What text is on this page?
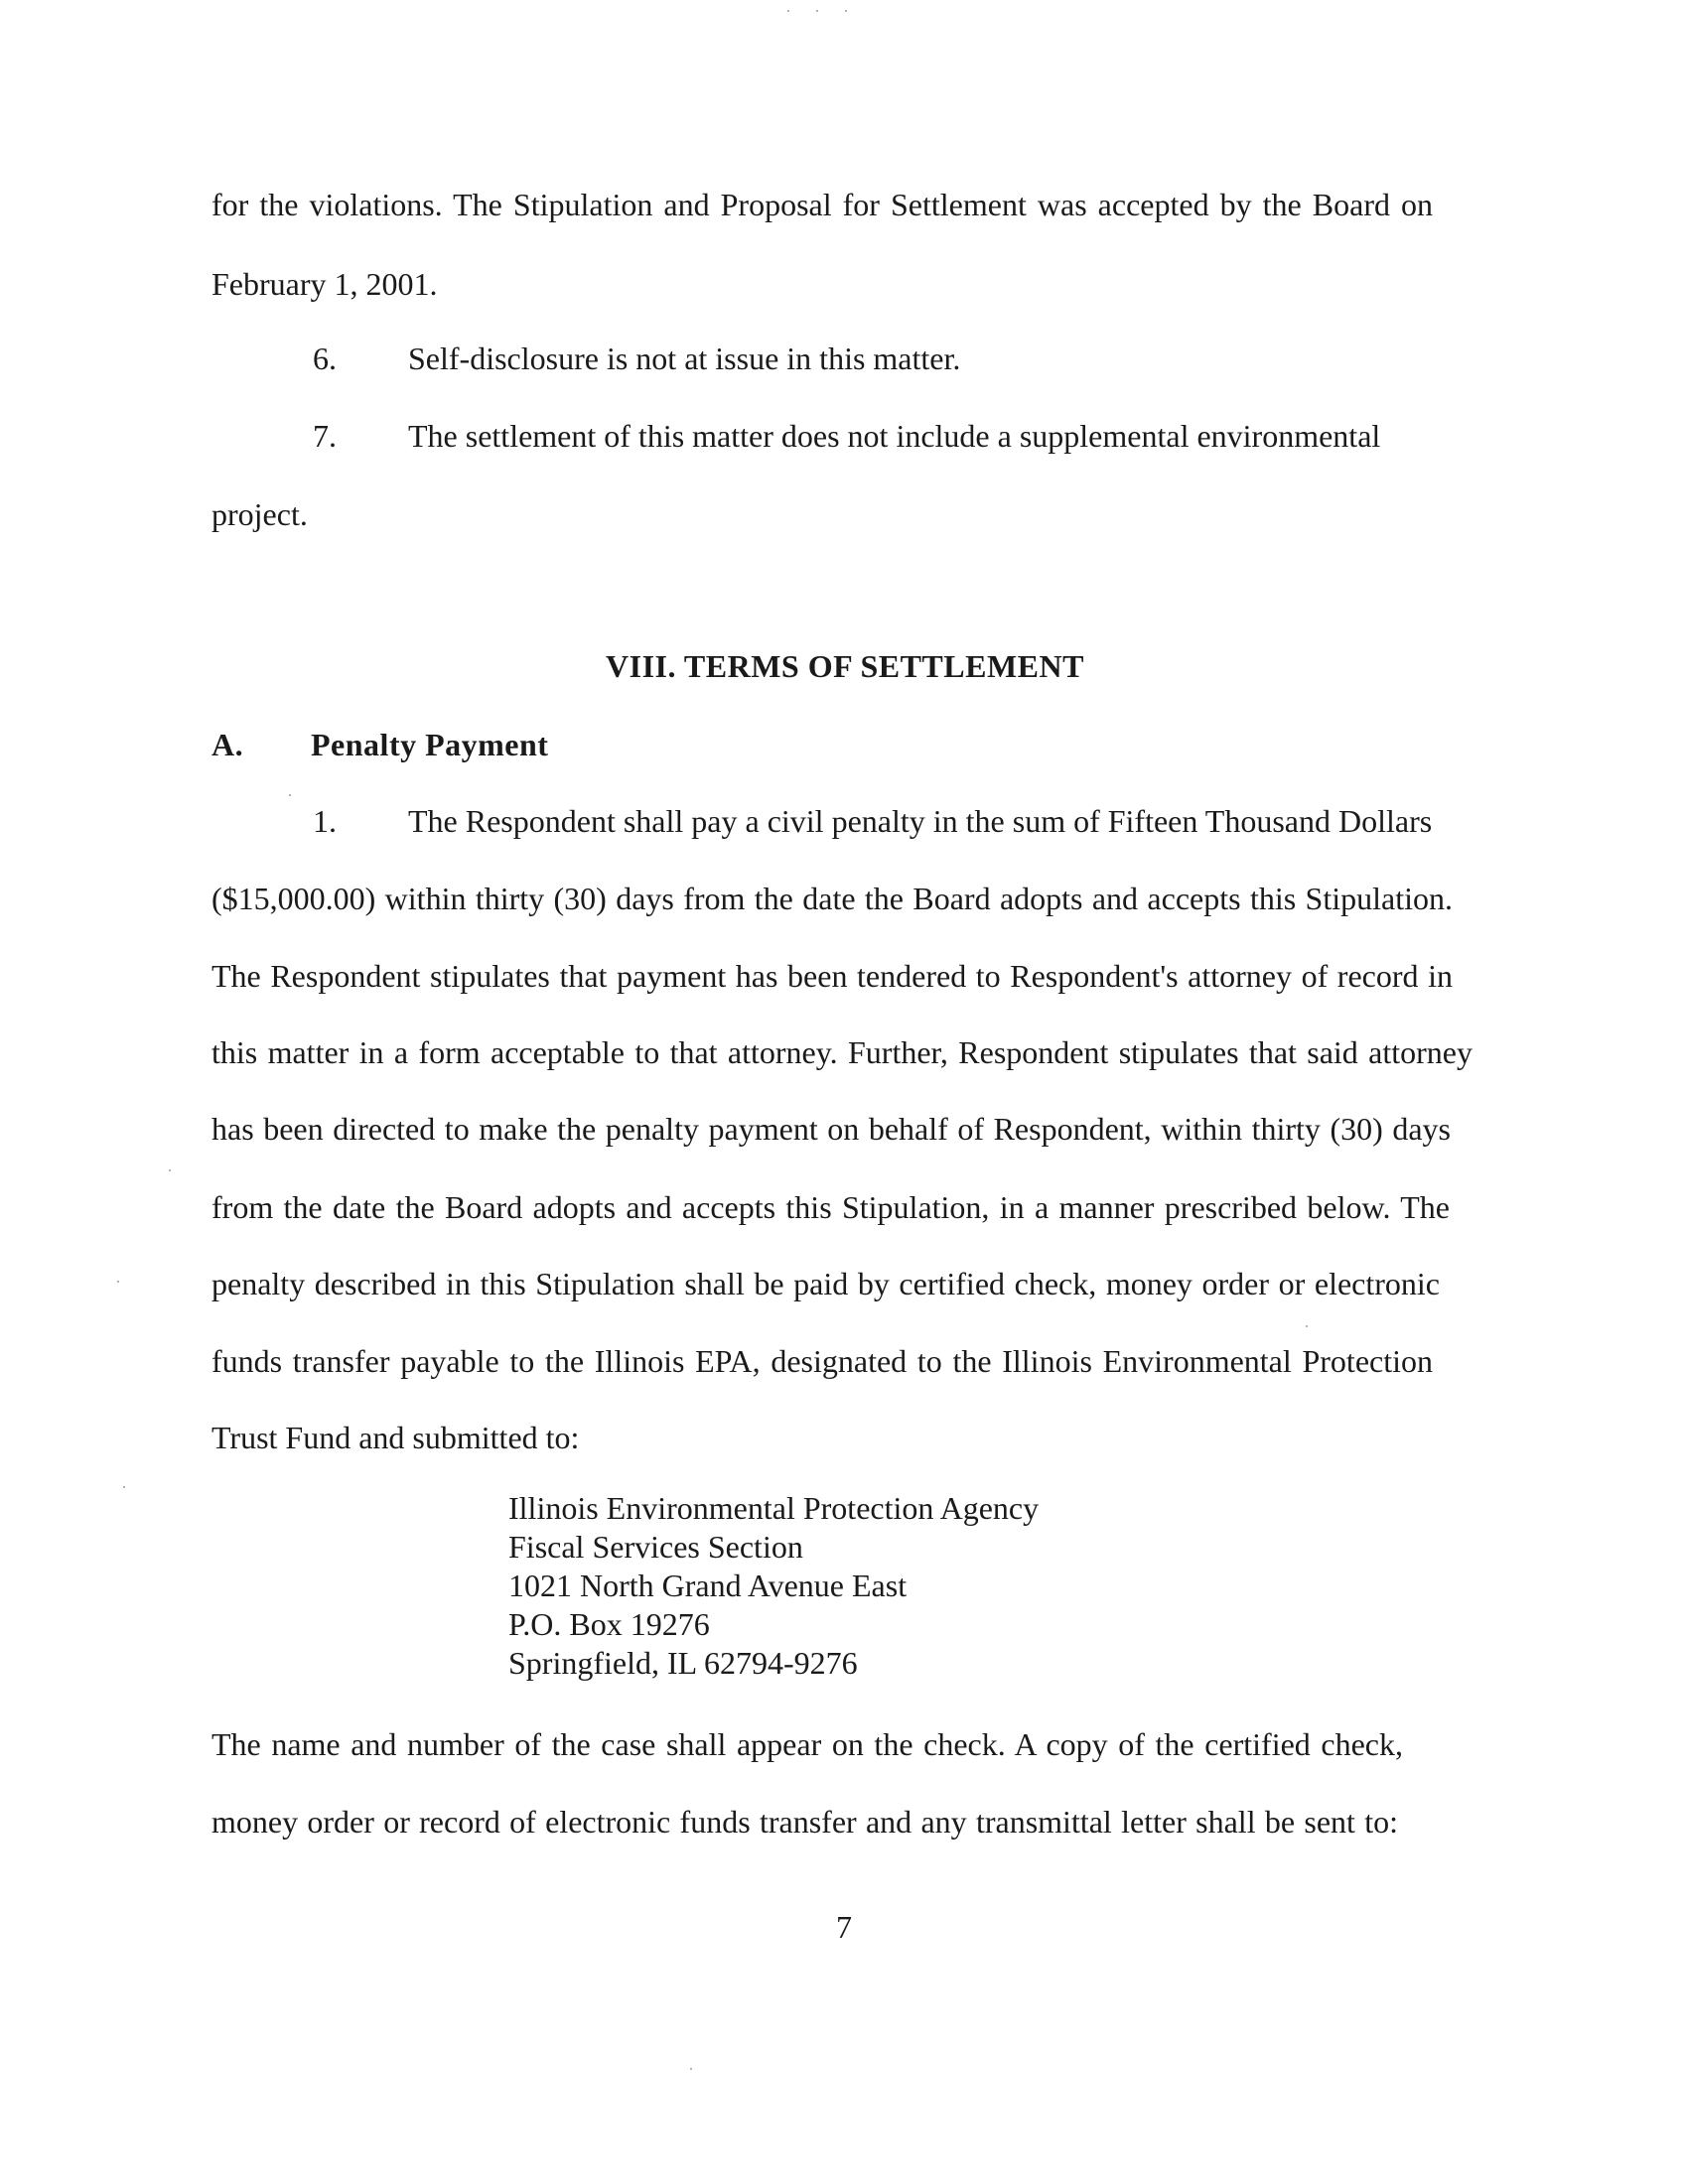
for the violations. The Stipulation and Proposal for Settlement was accepted by the Board on

February 1, 2001.

6. Self-disclosure is not at issue in this matter.

7. The settlement of this matter does not include a supplemental environmental

project.

VIII. TERMS OF SETTLEMENT
A. Penalty Payment
1. The Respondent shall pay a civil penalty in the sum of Fifteen Thousand Dollars

($15,000.00) within thirty (30) days from the date the Board adopts and accepts this Stipulation.

The Respondent stipulates that payment has been tendered to Respondent's attorney of record in

this matter in a form acceptable to that attorney. Further, Respondent stipulates that said attorney

has been directed to make the penalty payment on behalf of Respondent, within thirty (30) days

from the date the Board adopts and accepts this Stipulation, in a manner prescribed below. The

penalty described in this Stipulation shall be paid by certified check, money order or electronic

funds transfer payable to the Illinois EPA, designated to the Illinois Environmental Protection

Trust Fund and submitted to:

Illinois Environmental Protection Agency
Fiscal Services Section
1021 North Grand Avenue East
P.O. Box 19276
Springfield, IL 62794-9276

The name and number of the case shall appear on the check. A copy of the certified check,

money order or record of electronic funds transfer and any transmittal letter shall be sent to:

7
